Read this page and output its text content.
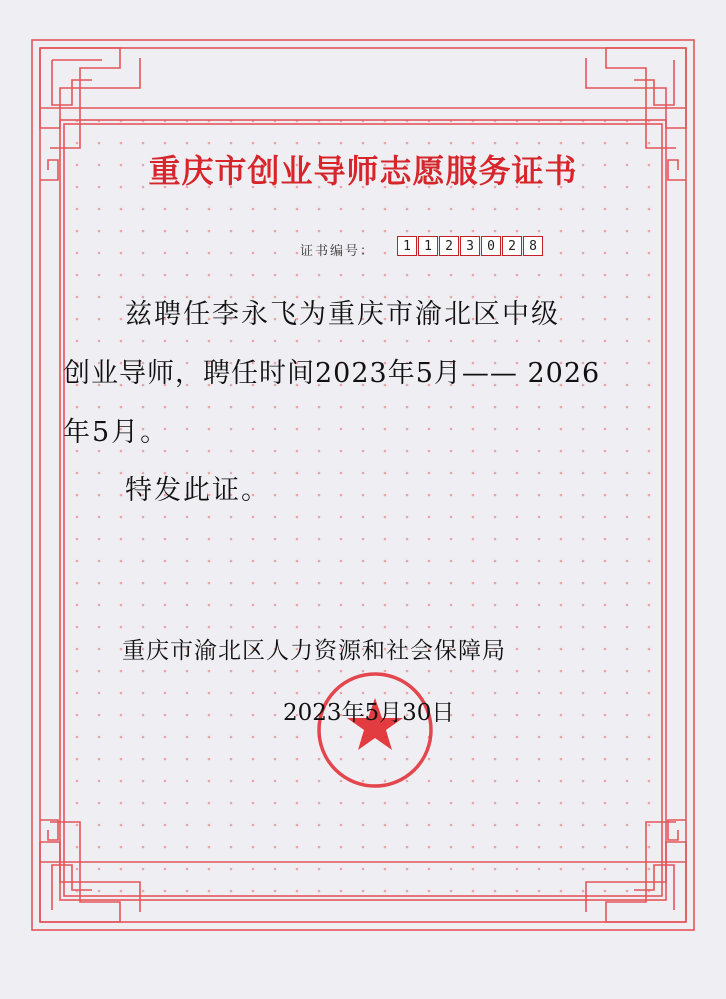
重庆市创业导师志愿服务证书
证书编号：	1	1	2	3	0	2	8
兹聘任李永飞为重庆市渝北区中级
创业导师，聘任时间2023年5月—— 2026
年5月。
特发此证。
重庆市渝北区人力资源和社会保障局
2023年5月30日
